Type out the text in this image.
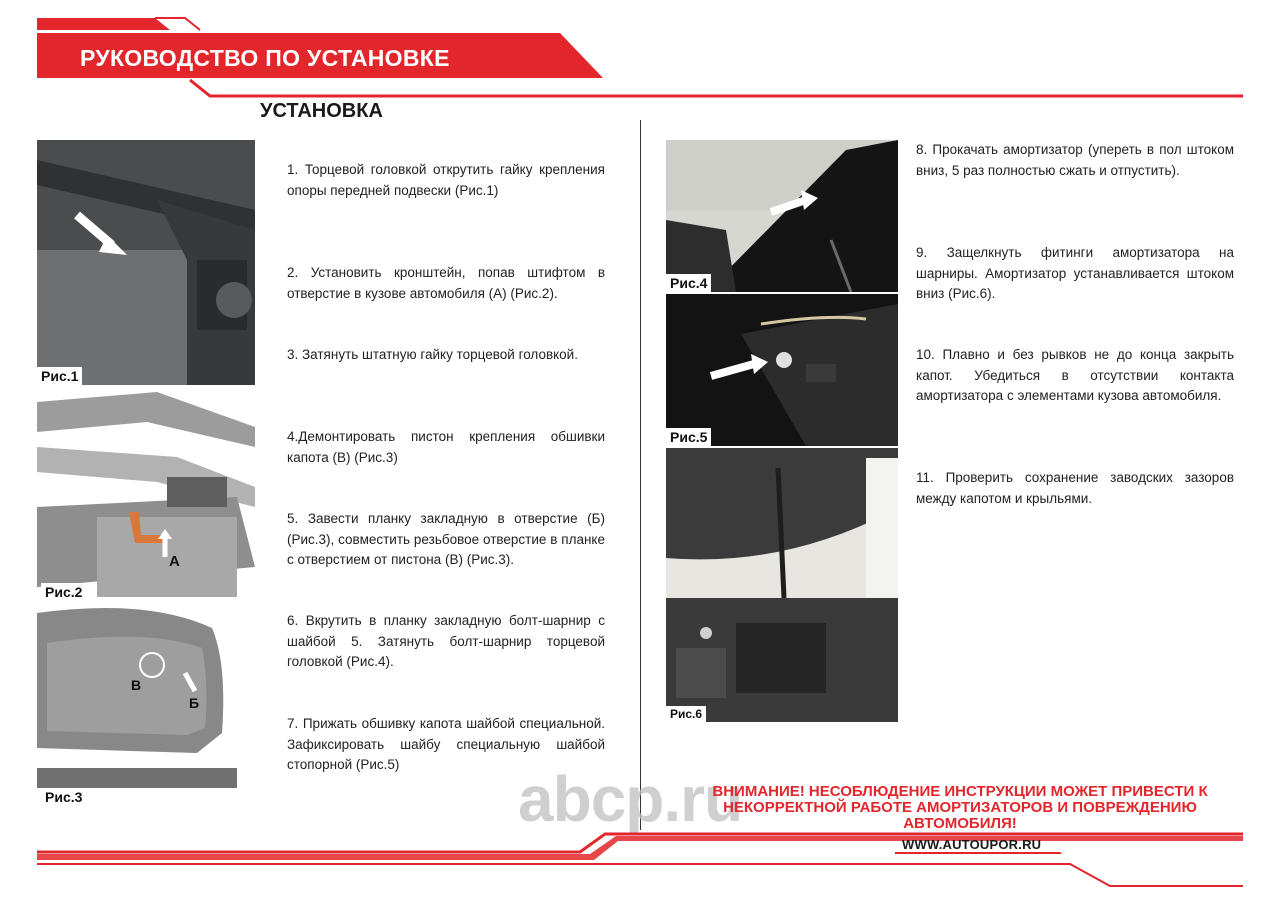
РУКОВОДСТВО ПО УСТАНОВКЕ
УСТАНОВКА
Рис.1
А
Рис.2
В
Б
Рис.3

1. Торцевой головкой открутить гайку крепления опоры передней подвески (Рис.1)

2. Установить кронштейн, попав штифтом в отверстие в кузове автомобиля (А) (Рис.2).

3. Затянуть штатную гайку торцевой головкой.

4.Демонтировать пистон крепления обшивки капота (В) (Рис.3)

5. Завести планку закладную в отверстие (Б) (Рис.3), совместить резьбовое отверстие в планке с отверстием от пистона (В) (Рис.3).

6. Вкрутить в планку закладную болт-шарнир с шайбой 5. Затянуть болт-шарнир торцевой головкой (Рис.4).

7. Прижать обшивку капота шайбой специальной. Зафиксировать шайбу специальную шайбой стопорной (Рис.5)

Рис.4
Рис.5
Рис.6

8. Прокачать амортизатор (упереть в пол штоком вниз, 5 раз полностью сжать и отпустить).

9. Защелкнуть фитинги амортизатора на шарниры. Амортизатор устанавливается штоком вниз (Рис.6).

10. Плавно и без рывков не до конца закрыть капот. Убедиться в отсутствии контакта амортизатора с элементами кузова автомобиля.

11. Проверить сохранение заводских зазоров между капотом и крыльями.

abcp.ru
ВНИМАНИЕ! НЕСОБЛЮДЕНИЕ ИНСТРУКЦИИ МОЖЕТ ПРИВЕСТИ К НЕКОРРЕКТНОЙ РАБОТЕ АМОРТИЗАТОРОВ И ПОВРЕЖДЕНИЮ АВТОМОБИЛЯ!
WWW.AUTOUPOR.RU
